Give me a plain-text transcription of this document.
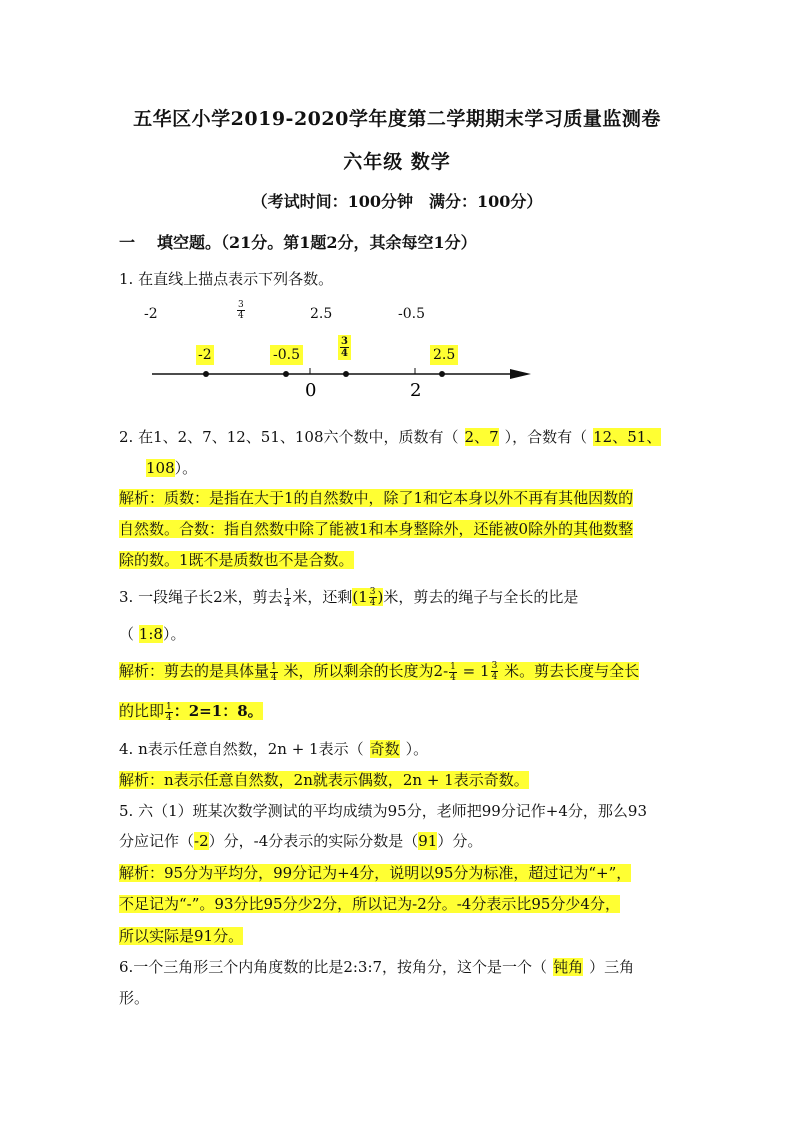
五华区小学2019-2020学年度第二学期期末学习质量监测卷
六年级 数学
（考试时间：100分钟　满分：100分）
一 填空题。（21分。第1题2分，其余每空1分）
1. 在直线上描点表示下列各数。
-2	$\frac{3}{4}$	2.5	-0.5
-2	-0.5	$\frac{3}{4}$	2.5
0	2
2. 在1、2、7、12、51、108六个数中，质数有（ 2、7 ），合数有（ 12、51、
108）。
解析：质数：是指在大于1的自然数中，除了1和它本身以外不再有其他因数的
自然数。合数：指自然数中除了能被1和本身整除外，还能被0除外的其他数整
除的数。1既不是质数也不是合数。
3. 一段绳子长2米，剪去 $\frac{1}{4}$ 米，还剩( $1 \frac{3}{4}$ )米，剪去的绳子与全长的比是
（ 1:8）。
解析：剪去的是具体量 $\frac{1}{4}$ 米，所以剩余的长度为$2- \frac{1}{4} = 1 \frac{3}{4}$ 米。剪去长度与全长
的比即 $\frac{1}{4}$ ：2=1：8。
4. n表示任意自然数，2n + 1表示（ 奇数 ）。
解析：n表示任意自然数，2n就表示偶数，2n + 1表示奇数。
5. 六（1）班某次数学测试的平均成绩为95分，老师把99分记作+4分，那么93
分应记作（-2）分，-4分表示的实际分数是（91）分。
解析：95分为平均分，99分记为+4分，说明以95分为标准，超过记为“+”，
不足记为“-”。93分比95分少2分，所以记为-2分。-4分表示比95分少4分，
所以实际是91分。
6.一个三角形三个内角度数的比是2:3:7，按角分，这个是一个（ 钝角 ）三角
形。
